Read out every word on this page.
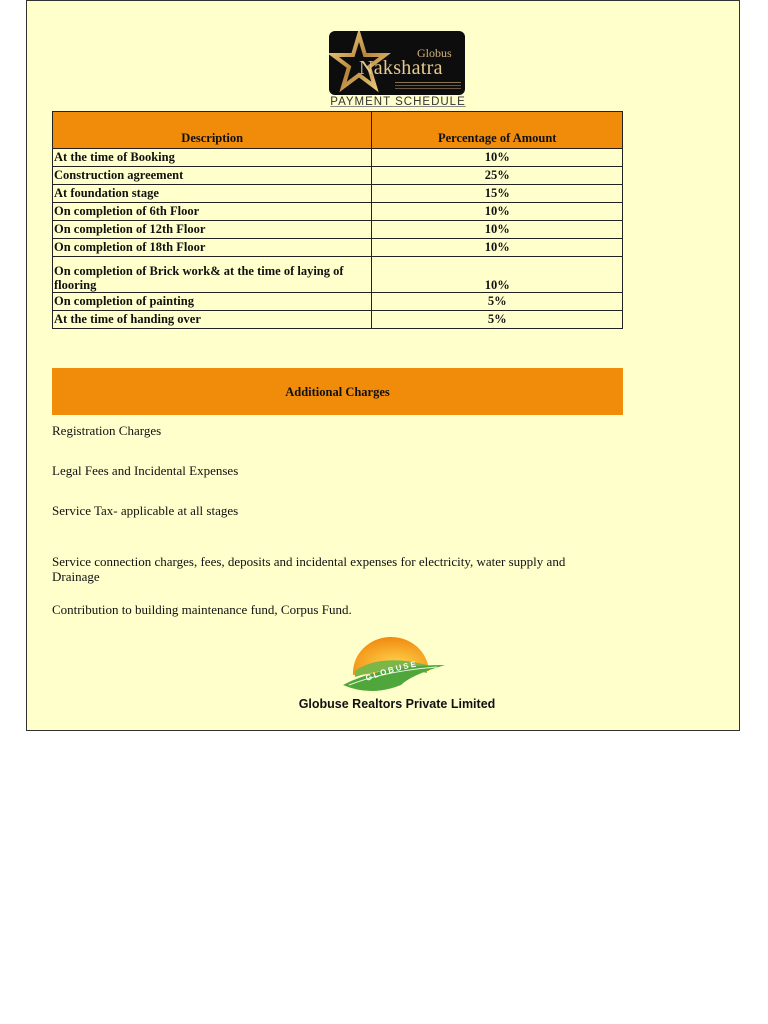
Globus
Nakshatra
PAYMENT SCHEDULE
Description	Percentage of Amount
At the time of Booking	10%
Construction agreement	25%
At foundation stage	15%
On completion of 6th Floor	10%
On completion of 12th Floor	10%
On completion of 18th Floor	10%
On completion of Brick work& at the time of laying of flooring	10%
On completion of painting	5%
At the time of handing over	5%
Additional Charges
Registration Charges
Legal Fees and Incidental Expenses
Service Tax- applicable at all stages
Service connection charges, fees, deposits and incidental expenses for electricity, water supply and Drainage
Contribution to building maintenance fund, Corpus Fund.
GLOBUSE
Globuse Realtors Private Limited
